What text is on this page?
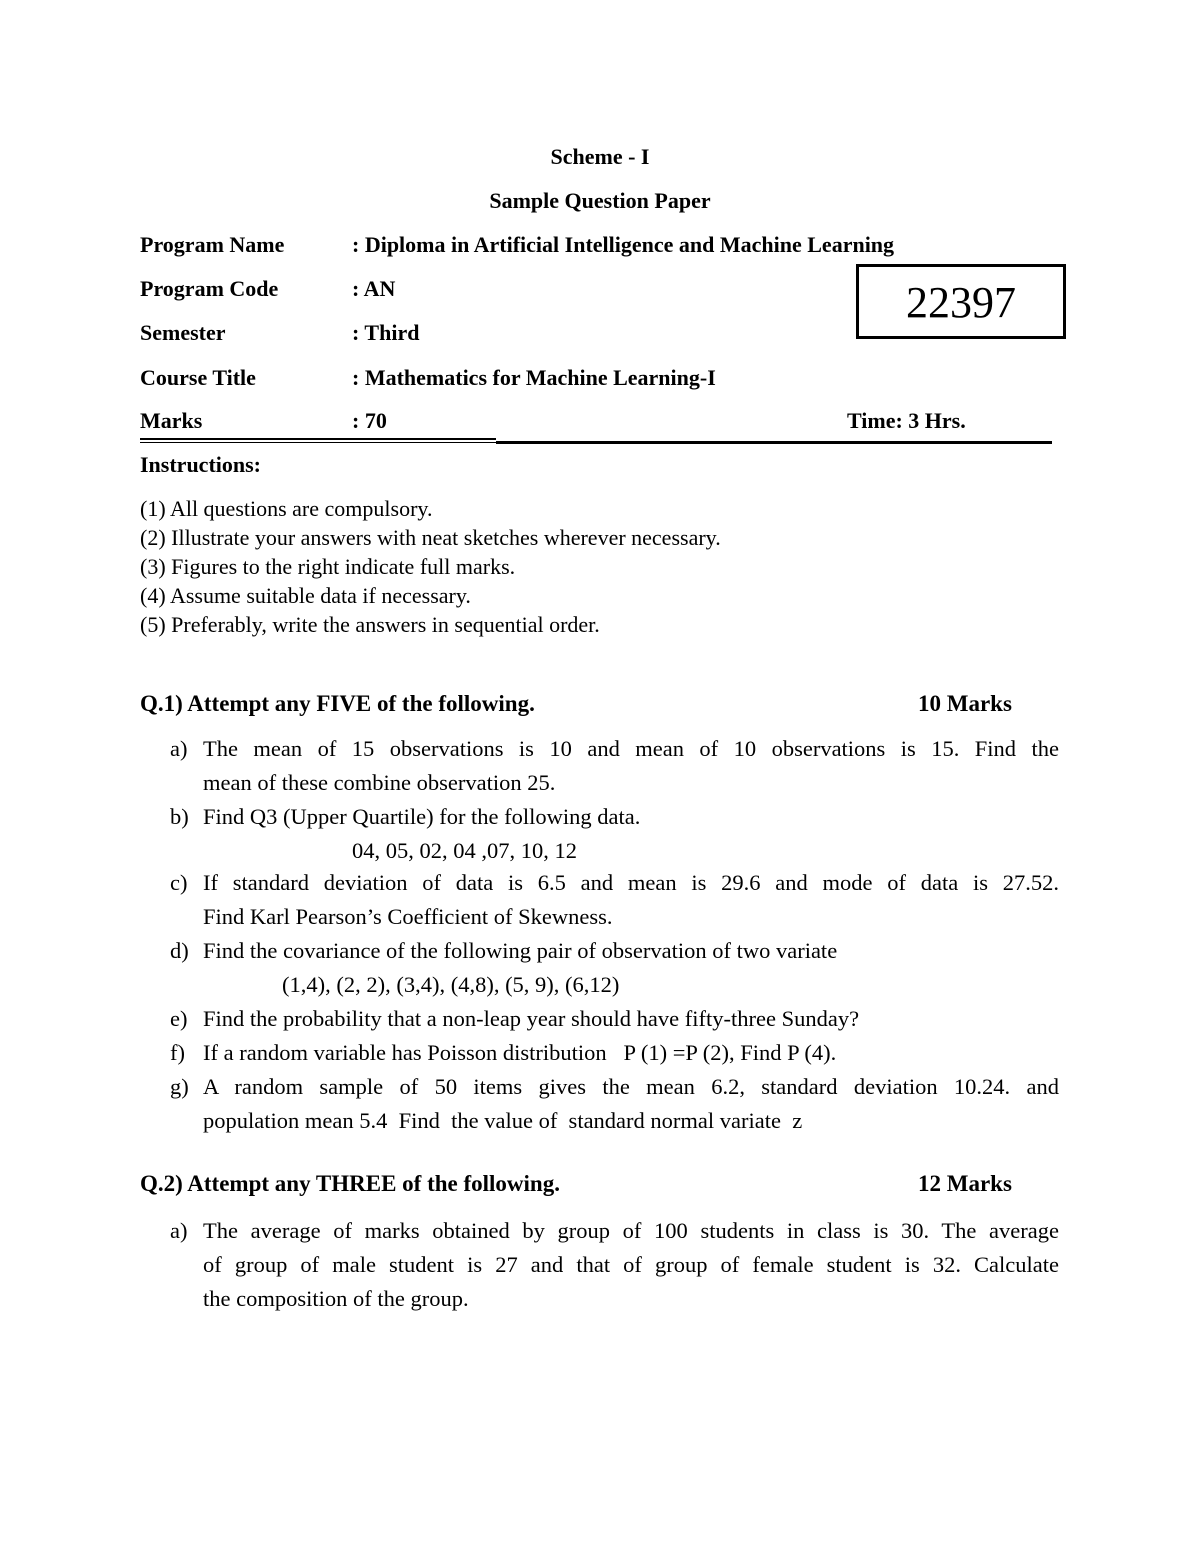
Scheme - I
Sample Question Paper
Program Name	: Diploma in Artificial Intelligence and Machine Learning
Program Code	: AN	22397
Semester	: Third
Course Title	: Mathematics for Machine Learning-I
Marks	: 70	Time: 3 Hrs.
Instructions:
(1) All questions are compulsory.
(2) Illustrate your answers with neat sketches wherever necessary.
(3) Figures to the right indicate full marks.
(4) Assume suitable data if necessary.
(5) Preferably, write the answers in sequential order.
Q.1) Attempt any FIVE of the following.	10 Marks
a) The mean of 15 observations is 10 and mean of 10 observations is 15. Find the
mean of these combine observation 25.
b) Find Q3 (Upper Quartile) for the following data.
04, 05, 02, 04 ,07, 10, 12
c) If standard deviation of data is 6.5 and mean is 29.6 and mode of data is 27.52.
Find Karl Pearson’s Coefficient of Skewness.
d) Find the covariance of the following pair of observation of two variate
(1,4), (2, 2), (3,4), (4,8), (5, 9), (6,12)
e) Find the probability that a non-leap year should have fifty-three Sunday?
f) If a random variable has Poisson distribution   P (1) =P (2), Find P (4).
g) A random sample of 50 items gives the mean 6.2, standard deviation 10.24. and
population mean 5.4  Find  the value of  standard normal variate  z
Q.2) Attempt any THREE of the following.	12 Marks
a) The average of marks obtained by group of 100 students in class is 30. The average
of group of male student is 27 and that of group of female student is 32. Calculate
the composition of the group.
